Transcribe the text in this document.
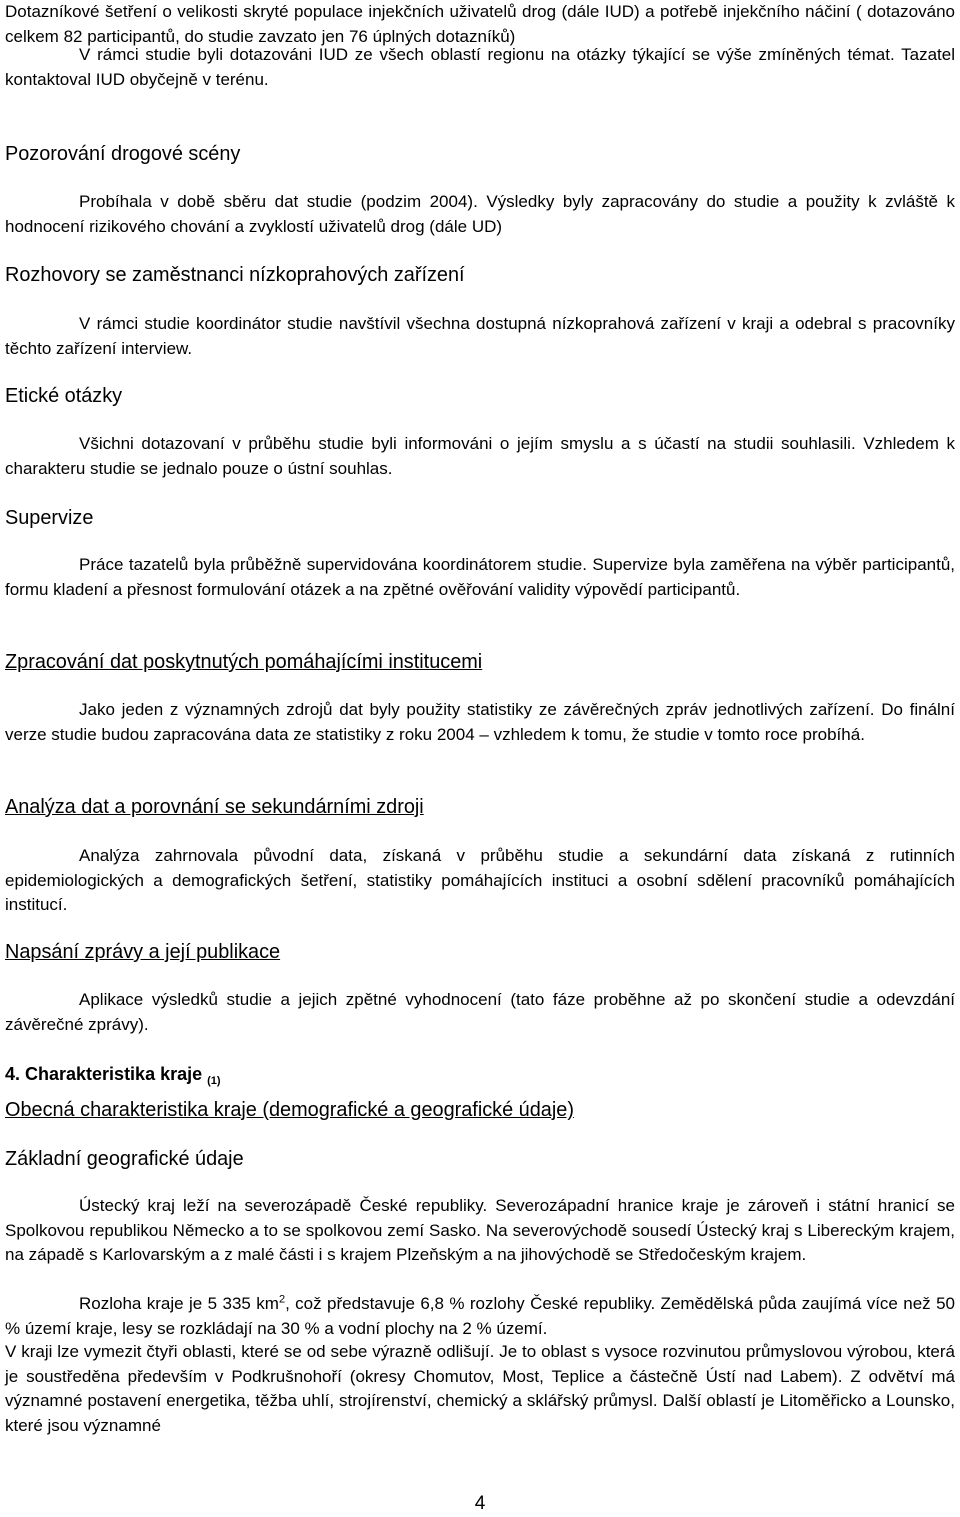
Dotazníkové šetření o velikosti skryté populace injekčních uživatelů drog (dále IUD) a potřebě injekčního náčiní ( dotazováno celkem 82 participantů, do studie zavzato jen 76 úplných dotazníků)

V rámci studie byli dotazováni IUD ze všech oblastí regionu na otázky týkající se výše zmíněných témat. Tazatel kontaktoval IUD obyčejně v terénu.

Pozorování drogové scény

Probíhala v době sběru dat studie (podzim 2004). Výsledky byly zapracovány do studie a použity k zvláště k hodnocení rizikového chování a zvyklostí uživatelů drog (dále UD)

Rozhovory se zaměstnanci nízkoprahových zařízení

V rámci studie koordinátor studie navštívil všechna dostupná nízkoprahová zařízení v kraji a odebral s pracovníky těchto zařízení interview.

Etické otázky

Všichni dotazovaní v průběhu studie byli informováni o jejím smyslu a s účastí na studii souhlasili. Vzhledem k charakteru studie se jednalo pouze o ústní souhlas.

Supervize

Práce tazatelů byla průběžně supervidována koordinátorem studie. Supervize byla zaměřena na výběr participantů, formu kladení a přesnost formulování otázek a na zpětné ověřování validity výpovědí participantů.

Zpracování dat poskytnutých pomáhajícími institucemi

Jako jeden z významných zdrojů dat byly použity statistiky ze závěrečných zpráv jednotlivých zařízení. Do finální verze studie budou zapracována data ze statistiky z roku 2004 – vzhledem k tomu, že studie v tomto roce probíhá.

Analýza dat a porovnání se sekundárními zdroji

Analýza zahrnovala původní data, získaná v průběhu studie a sekundární data získaná z rutinních epidemiologických a demografických šetření, statistiky pomáhajících instituci a osobní sdělení pracovníků pomáhajících institucí.

Napsání zprávy a její publikace

Aplikace výsledků studie a jejich zpětné vyhodnocení (tato fáze proběhne až po skončení studie a odevzdání závěrečné zprávy).

4. Charakteristika kraje $_{(1)}$
Obecná charakteristika kraje (demografické a geografické údaje)
Základní geografické údaje

Ústecký kraj leží na severozápadě České republiky. Severozápadní hranice kraje je zároveň i státní hranicí se Spolkovou republikou Německo a to se spolkovou zemí Sasko. Na severovýchodě sousedí Ústecký kraj s Libereckým krajem, na západě s Karlovarským a z malé části i s krajem Plzeňským a na jihovýchodě se Středočeským krajem.

Rozloha kraje je 5 335 $km^2$, což představuje 6,8 % rozlohy České republiky. Zemědělská půda zaujímá více než 50 % území kraje, lesy se rozkládají na 30 % a vodní plochy na 2 % území.

V kraji lze vymezit čtyři oblasti, které se od sebe výrazně odlišují. Je to oblast s vysoce rozvinutou průmyslovou výrobou, která je soustředěna především v Podkrušnohoří (okresy Chomutov, Most, Teplice a částečně Ústí nad Labem). Z odvětví má významné postavení energetika, těžba uhlí, strojírenství, chemický a sklářský průmysl. Další oblastí je Litoměřicko a Lounsko, které jsou významné

4
